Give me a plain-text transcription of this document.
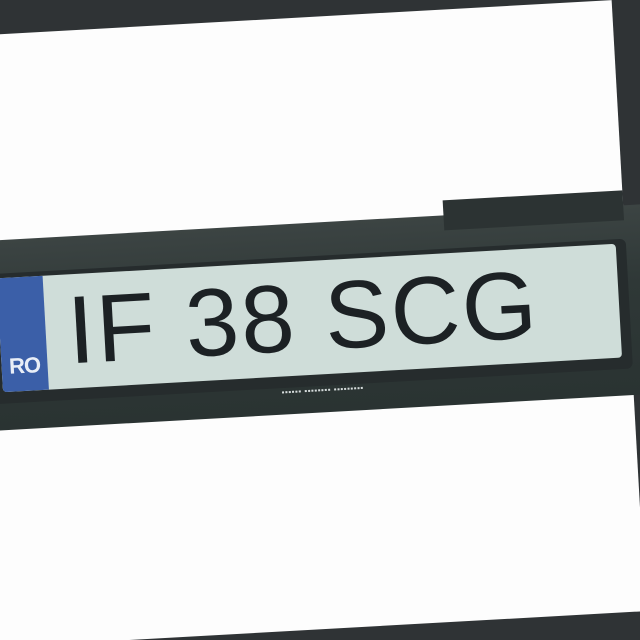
RO IF 38 SCG
▪▪▪▪▪▪ ▪▪▪▪▪▪▪▪ ▪▪▪▪▪▪▪▪▪
